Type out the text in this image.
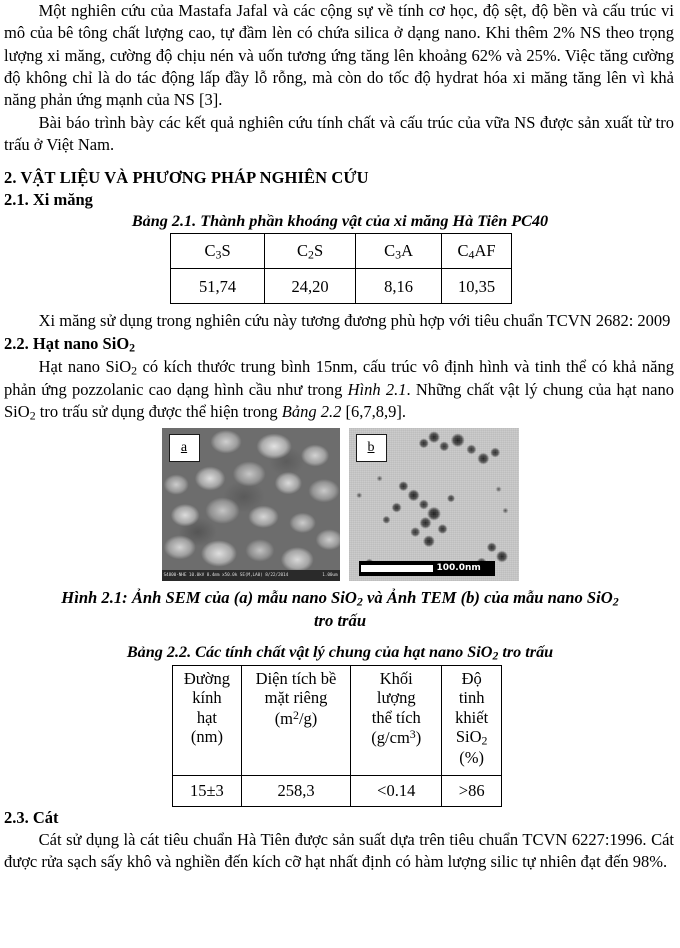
Một nghiên cứu của Mastafa Jafal và các cộng sự về tính cơ học, độ sệt, độ bền và cấu trúc vi mô của bê tông chất lượng cao, tự đầm lèn có chứa silica ở dạng nano. Khi thêm 2% NS theo trọng lượng xi măng, cường độ chịu nén và uốn tương ứng tăng lên khoảng 62% và 25%. Việc tăng cường độ không chỉ là do tác động lấp đầy lỗ rỗng, mà còn do tốc độ hydrat hóa xi măng tăng lên vì khả năng phản ứng mạnh của NS [3].

Bài báo trình bày các kết quả nghiên cứu tính chất và cấu trúc của vữa NS được sản xuất từ tro trấu ở Việt Nam.

2. VẬT LIỆU VÀ PHƯƠNG PHÁP NGHIÊN CỨU
2.1. Xi măng
Bảng 2.1. Thành phần khoáng vật của xi măng Hà Tiên PC40
$C_3S$	$C_2S$	$C_3A$	$C_4AF$
51,74	24,20	8,16	10,35

Xi măng sử dụng trong nghiên cứu này tương đương phù hợp với tiêu chuẩn TCVN 2682: 2009

2.2. Hạt nano SiO$_2$

Hạt nano SiO$_2$ có kích thước trung bình 15nm, cấu trúc vô định hình và tinh thể có khả năng phản ứng pozzolanic cao dạng hình cầu như trong Hình 2.1. Những chất vật lý chung của hạt nano SiO$_2$ tro trấu sử dụng được thể hiện trong Bảng 2.2 [6,7,8,9].

a
S4800-NHE 10.0kV 8.4mm x50.0k SE(M,LA0) 8/22/2014	1.00um
b
100.0nm
Hình 2.1: Ảnh SEM của (a) mẫu nano SiO$_2$ và Ảnh TEM (b) của mẫu nano SiO$_2$
tro trấu
Bảng 2.2. Các tính chất vật lý chung của hạt nano SiO$_2$ tro trấu
Đường
kính
hạt
(nm)	Diện tích bề
mặt riêng
$(m^2/g)$	Khối
lượng
thể tích
$(g/cm^3)$	Độ
tinh
khiết
SiO$_2$
(%)
15±3	258,3	<0.14	>86
2.3. Cát

Cát sử dụng là cát tiêu chuẩn Hà Tiên được sản suất dựa trên tiêu chuẩn TCVN 6227:1996. Cát được rửa sạch sấy khô và nghiền đến kích cỡ hạt nhất định có hàm lượng silic tự nhiên đạt đến 98%.
